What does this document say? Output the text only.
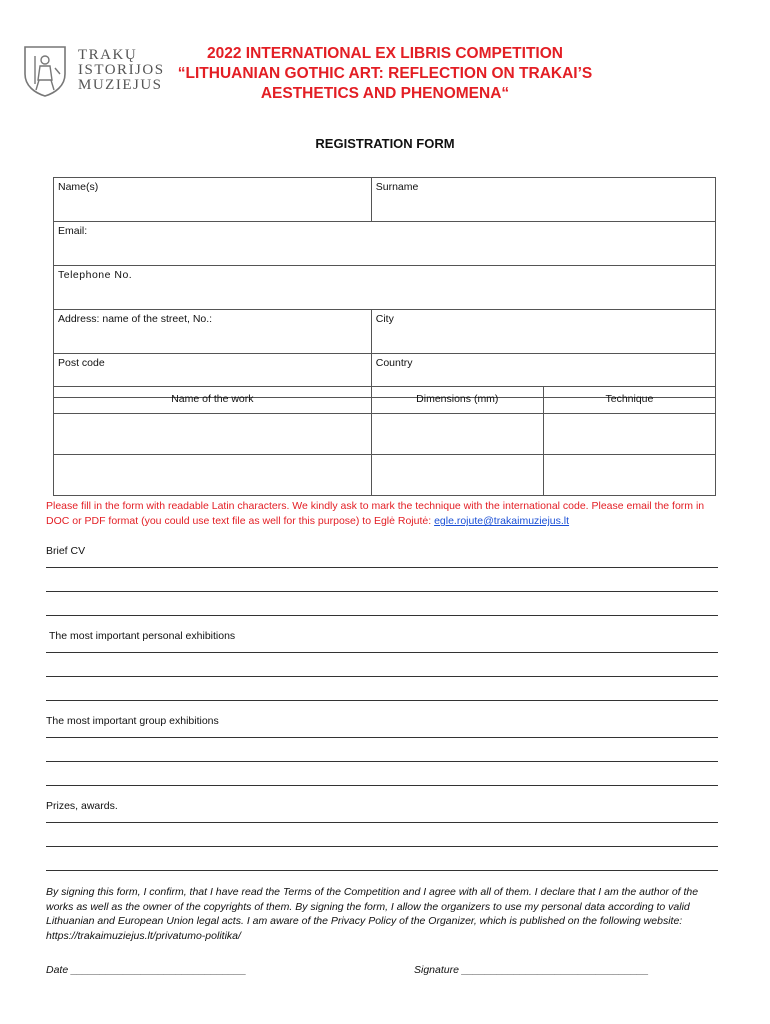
TRAKŲ
ISTORIJOS
MUZIEJUS
2022 INTERNATIONAL EX LIBRIS COMPETITION
“LITHUANIAN GOTHIC ART: REFLECTION ON TRAKAI’S
AESTHETICS AND PHENOMENA“
REGISTRATION FORM
Name(s)	Surname
Email:	
Telephone No.	
Address: name of the street, No.:	City
Post code	Country
Name of the work	Dimensions (mm)	Technique

Please fill in the form with readable Latin characters. We kindly ask to mark the technique with the international code. Please email the form in DOC or PDF format (you could use text file as well for this purpose) to Eglė Rojutė: egle.rojute@trakaimuziejus.lt
Brief CV
The most important personal exhibitions
The most important group exhibitions
Prizes, awards.
By signing this form, I confirm, that I have read the Terms of the Competition and I agree with all of them. I declare that I am the author of the works as well as the owner of the copyrights of them. By signing the form, I allow the organizers to use my personal data according to valid Lithuanian and European Union legal acts. I am aware of the Privacy Policy of the Organizer, which is published on the following website: https://trakaimuziejus.lt/privatumo-politika/
Date ______________________________	Signature ________________________________
